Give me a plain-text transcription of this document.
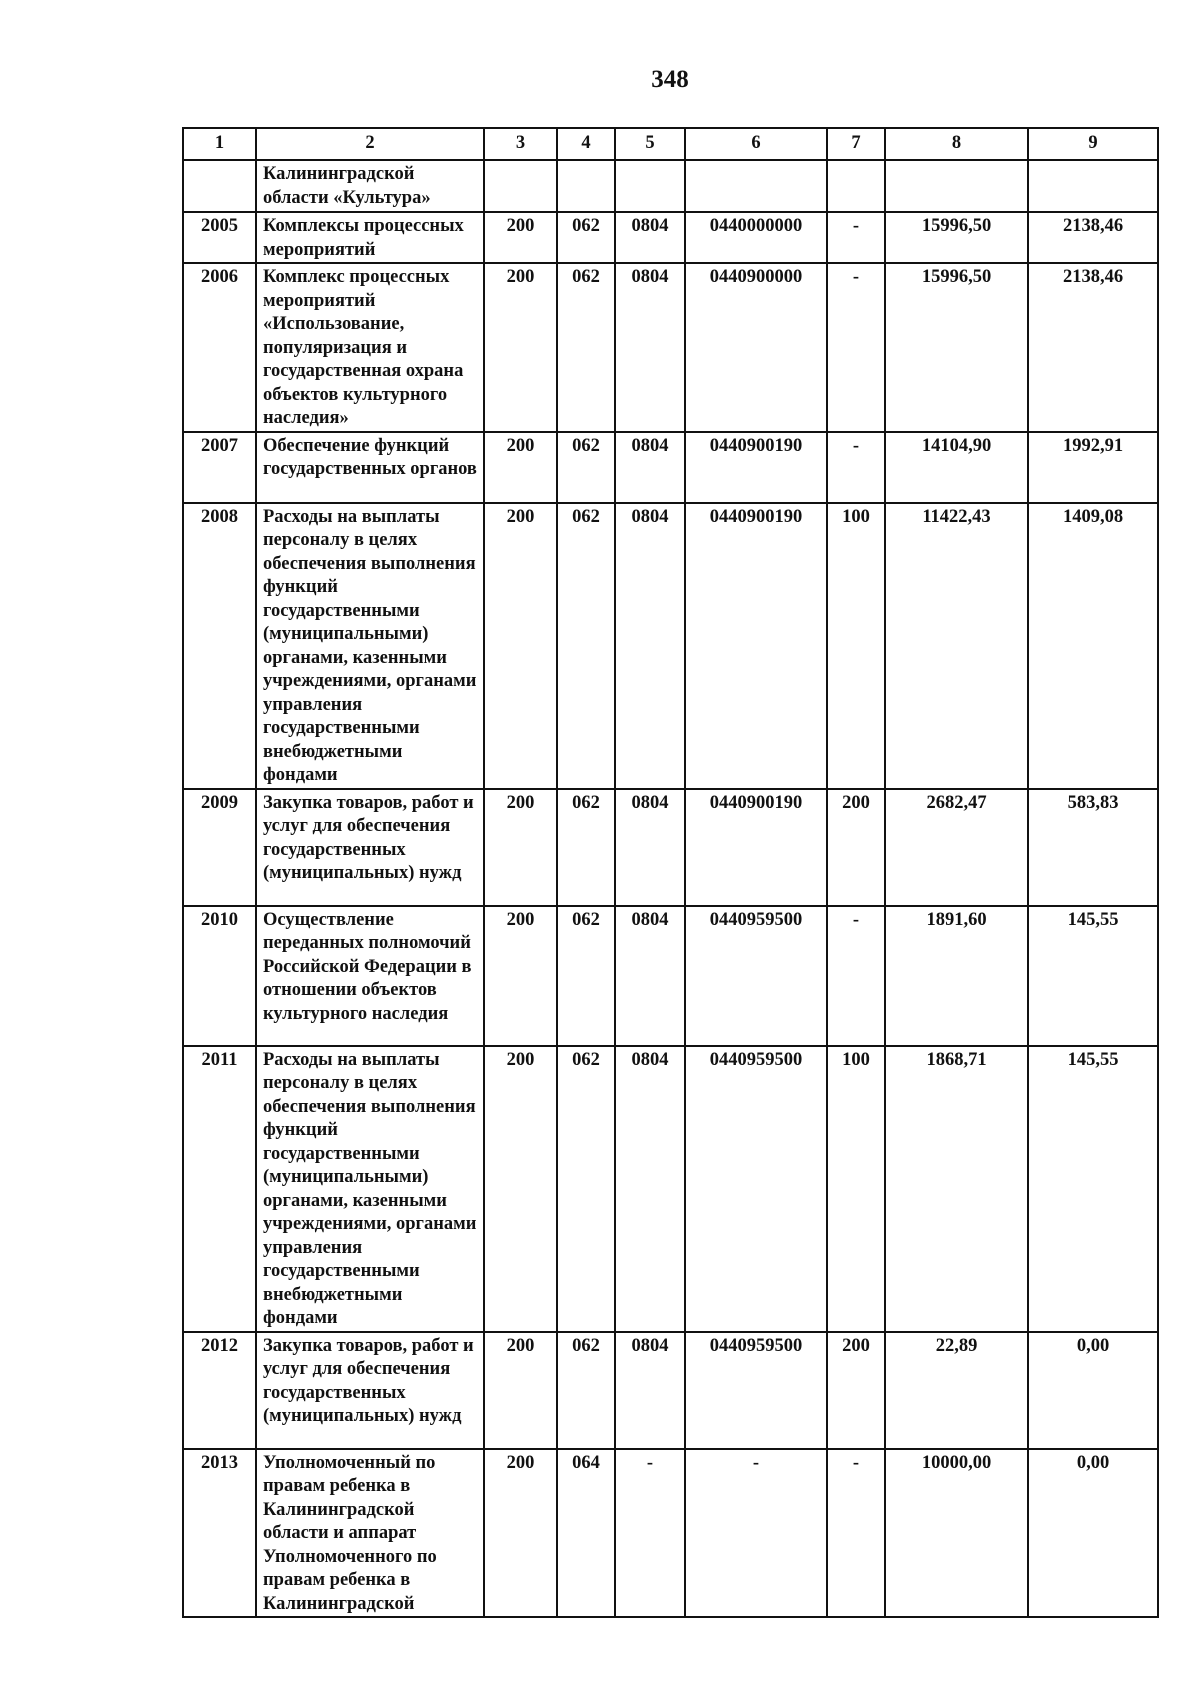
348
1	2	3	4	5	6	7	8	9
	Калининградской области «Культура»							
2005	Комплексы процессных мероприятий	200	062	0804	0440000000	-	15996,50	2138,46
2006	Комплекс процессных мероприятий «Использование, популяризация и государственная охрана объектов культурного наследия»	200	062	0804	0440900000	-	15996,50	2138,46
2007	Обеспечение функций государственных органов	200	062	0804	0440900190	-	14104,90	1992,91
2008	Расходы на выплаты персоналу в целях обеспечения выполнения функций государственными (муниципальными) органами, казенными учреждениями, органами управления государственными внебюджетными фондами	200	062	0804	0440900190	100	11422,43	1409,08
2009	Закупка товаров, работ и услуг для обеспечения государственных (муниципальных) нужд	200	062	0804	0440900190	200	2682,47	583,83
2010	Осуществление переданных полномочий Российской Федерации в отношении объектов культурного наследия	200	062	0804	0440959500	-	1891,60	145,55
2011	Расходы на выплаты персоналу в целях обеспечения выполнения функций государственными (муниципальными) органами, казенными учреждениями, органами управления государственными внебюджетными фондами	200	062	0804	0440959500	100	1868,71	145,55
2012	Закупка товаров, работ и услуг для обеспечения государственных (муниципальных) нужд	200	062	0804	0440959500	200	22,89	0,00
2013	Уполномоченный по правам ребенка в Калининградской области и аппарат Уполномоченного по правам ребенка в Калининградской	200	064	-	-	-	10000,00	0,00
